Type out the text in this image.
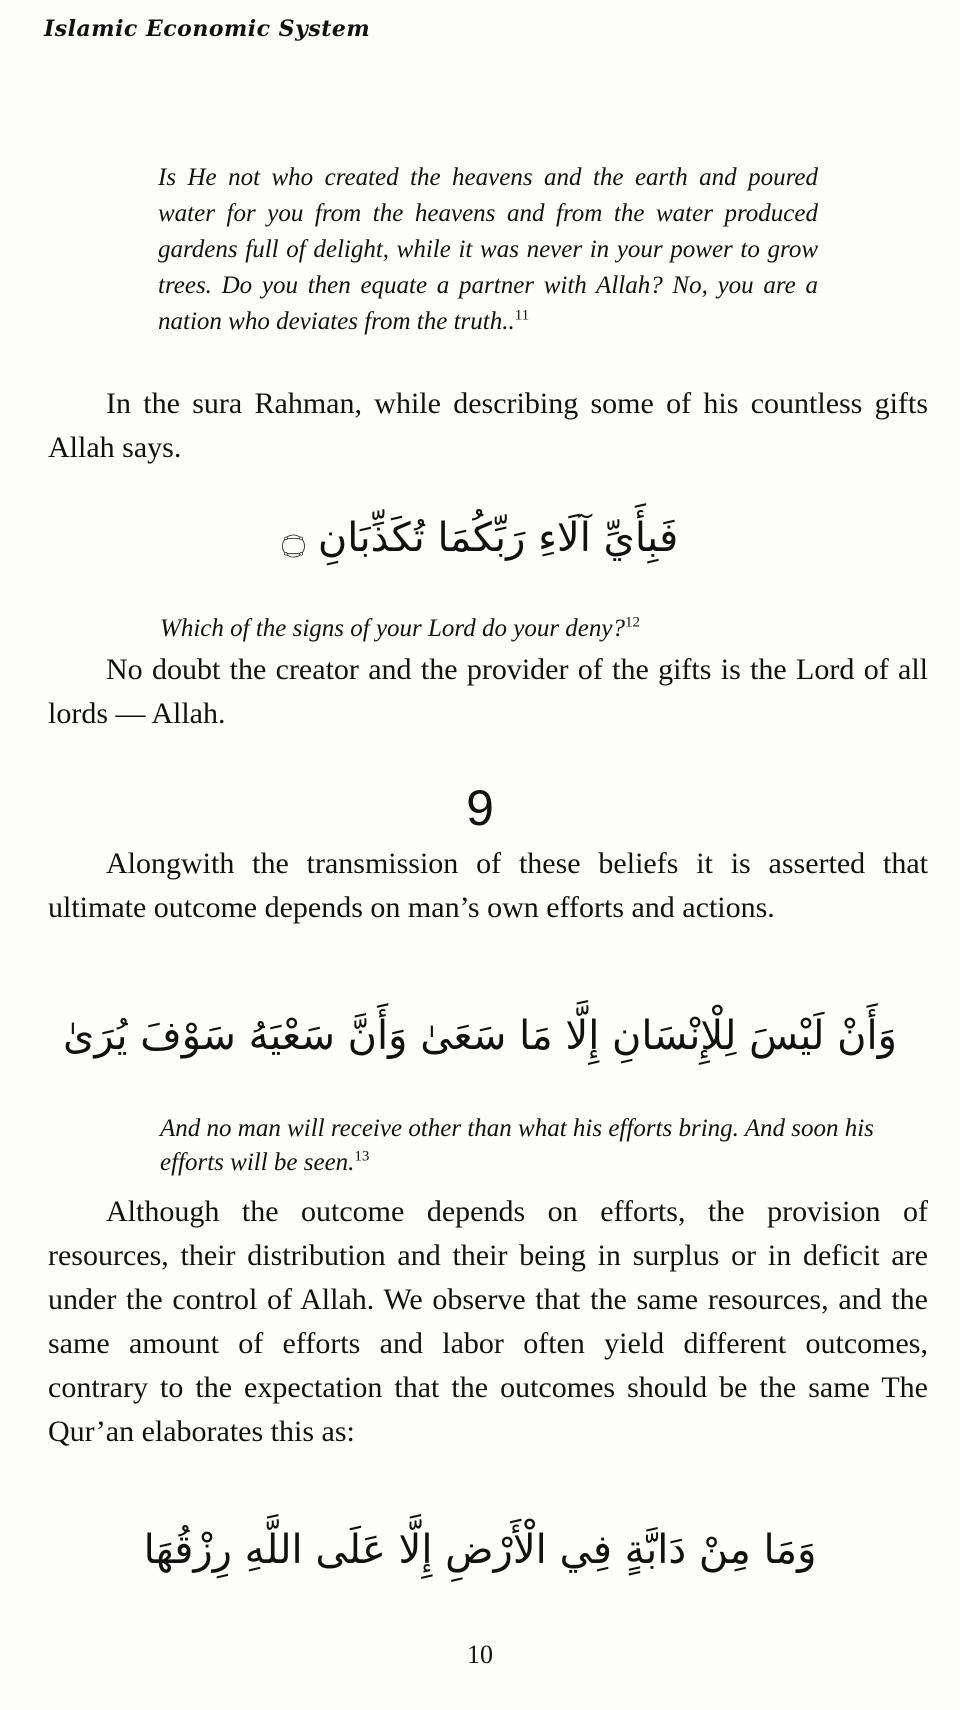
Islamic Economic System
Is He not who created the heavens and the earth and poured water for you from the heavens and from the water produced gardens full of delight, while it was never in your power to grow trees. Do you then equate a partner with Allah? No, you are a nation who deviates from the truth..$^{11}$
In the sura Rahman, while describing some of his countless gifts Allah says.
فَبِأَيِّ آلَاءِ رَبِّكُمَا تُكَذِّبَانِ ۝
Which of the signs of your Lord do your deny?$^{12}$
No doubt the creator and the provider of the gifts is the Lord of all lords — Allah.
9
Alongwith the transmission of these beliefs it is asserted that ultimate outcome depends on man’s own efforts and actions.
وَأَنْ لَيْسَ لِلْإِنْسَانِ إِلَّا مَا سَعَىٰ وَأَنَّ سَعْيَهُ سَوْفَ يُرَىٰ
And no man will receive other than what his efforts bring. And soon his efforts will be seen.$^{13}$
Although the outcome depends on efforts, the provision of resources, their distribution and their being in surplus or in deficit are under the control of Allah. We observe that the same resources, and the same amount of efforts and labor often yield different outcomes, contrary to the expectation that the outcomes should be the same The Qur’an elaborates this as:
وَمَا مِنْ دَابَّةٍ فِي الْأَرْضِ إِلَّا عَلَى اللَّهِ رِزْقُهَا
10
